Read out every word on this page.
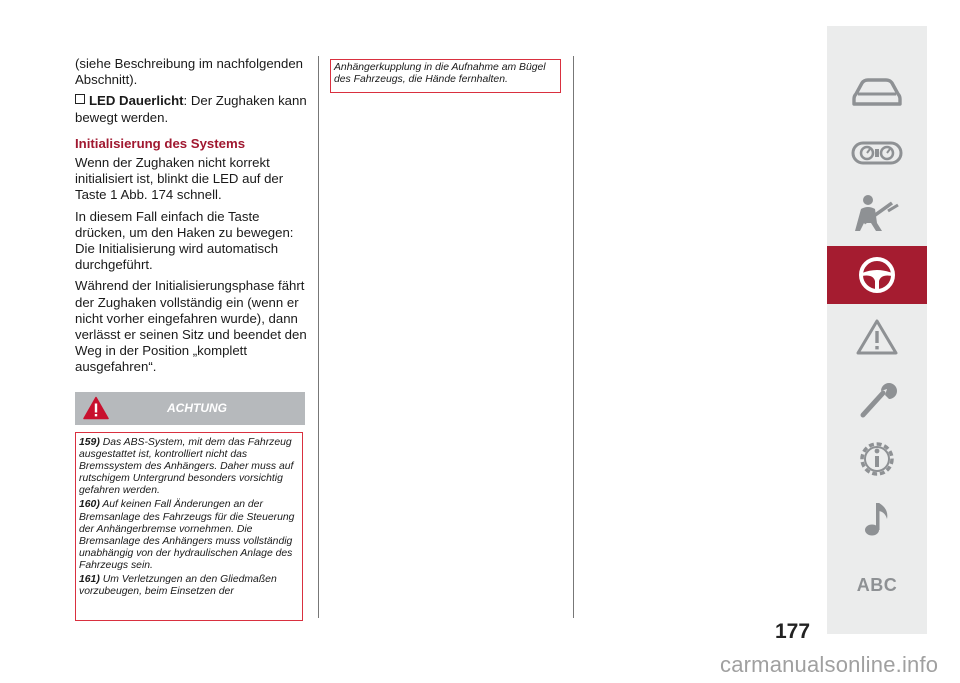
(siehe Beschreibung im nachfolgenden Abschnitt).

LED Dauerlicht: Der Zughaken kann bewegt werden.
Initialisierung des Systems

Wenn der Zughaken nicht korrekt initialisiert ist, blinkt die LED auf der Taste 1 Abb. 174 schnell.

In diesem Fall einfach die Taste drücken, um den Haken zu bewegen: Die Initialisierung wird automatisch durchgeführt.

Während der Initialisierungsphase fährt der Zughaken vollständig ein (wenn er nicht vorher eingefahren wurde), dann verlässt er seinen Sitz und beendet den Weg in der Position „komplett ausgefahren“.

ACHTUNG

159) Das ABS-System, mit dem das Fahrzeug ausgestattet ist, kontrolliert nicht das Bremssystem des Anhängers. Daher muss auf rutschigem Untergrund besonders vorsichtig gefahren werden.

160) Auf keinen Fall Änderungen an der Bremsanlage des Fahrzeugs für die Steuerung der Anhängerbremse vornehmen. Die Bremsanlage des Anhängers muss vollständig unabhängig von der hydraulischen Anlage des Fahrzeugs sein.

161) Um Verletzungen an den Gliedmaßen vorzubeugen, beim Einsetzen der

Anhängerkupplung in die Aufnahme am Bügel des Fahrzeugs, die Hände fernhalten.
ABC
177
carmanualsonline.info
